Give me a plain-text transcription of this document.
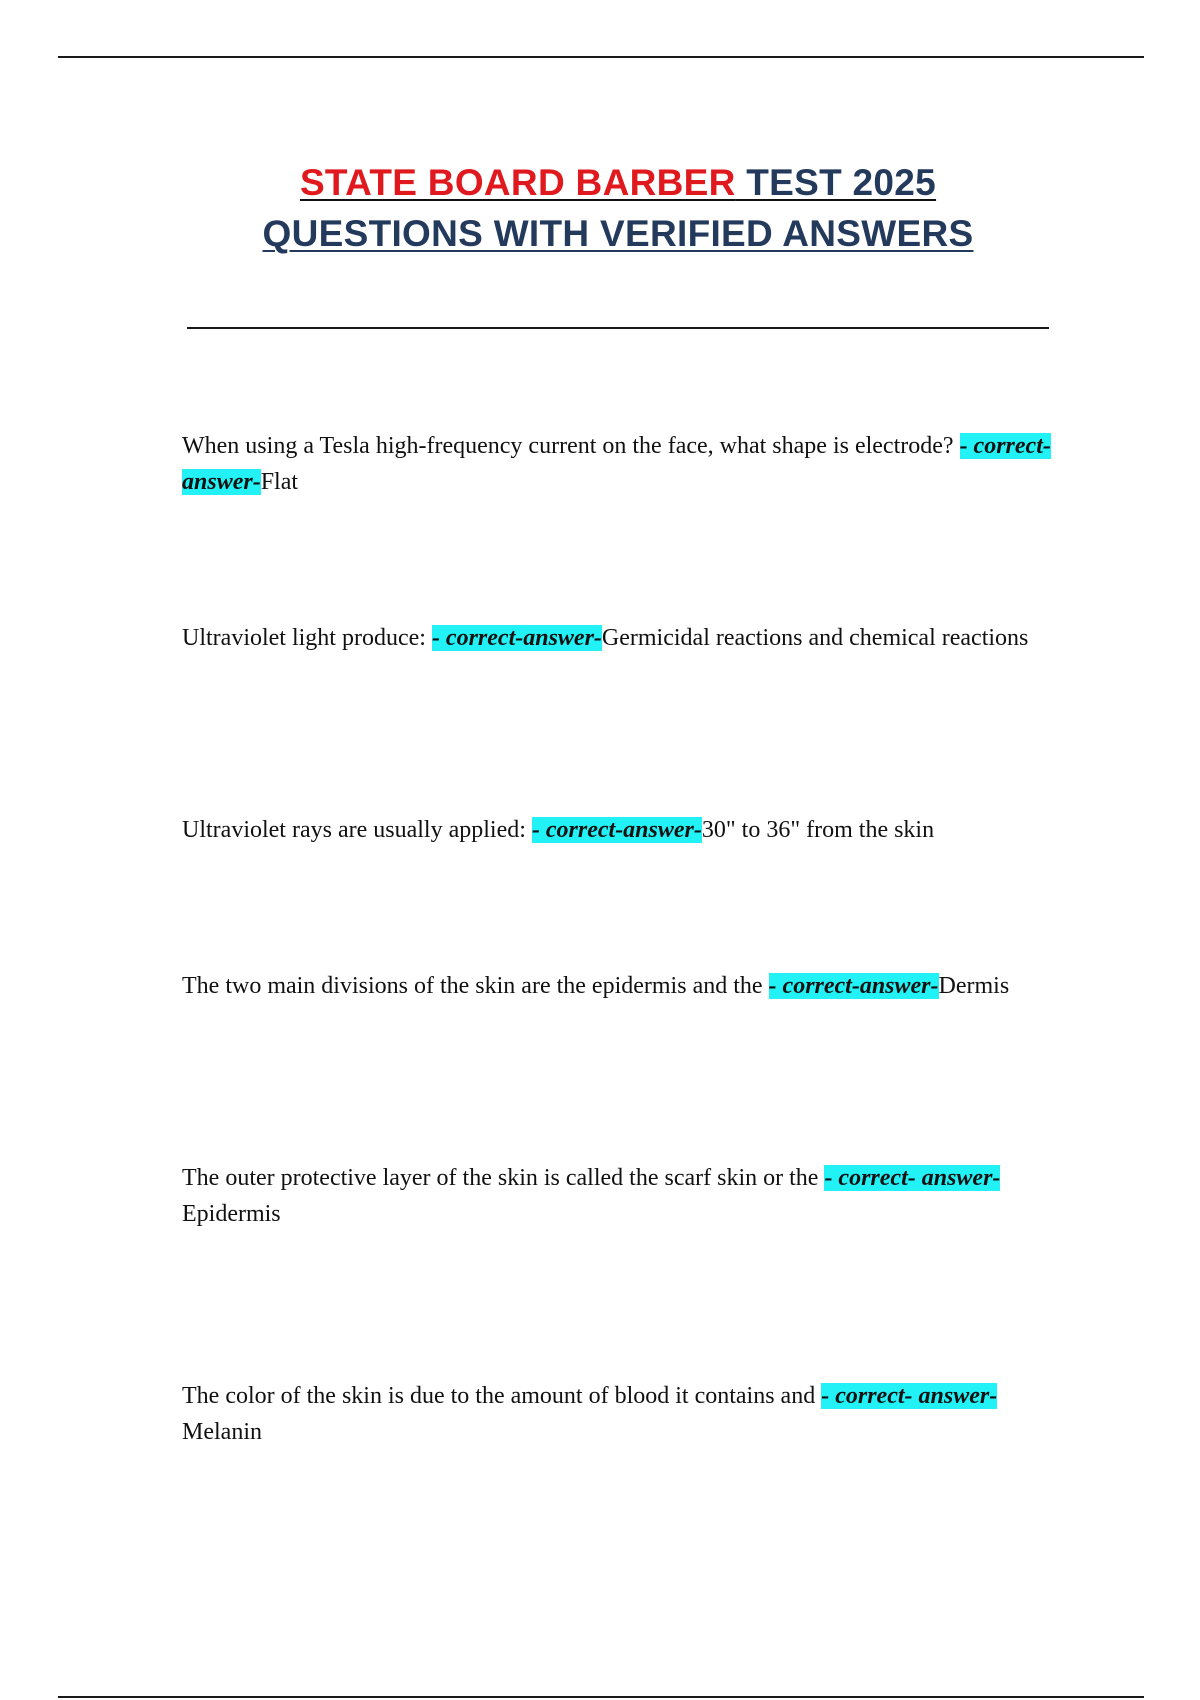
STATE BOARD BARBER TEST 2025
QUESTIONS WITH VERIFIED ANSWERS

When using a Tesla high-frequency current on the face, what shape is electrode? - correct-answer-Flat

Ultraviolet light produce: - correct-answer-Germicidal reactions and chemical reactions

Ultraviolet rays are usually applied: - correct-answer-30" to 36" from the skin

The two main divisions of the skin are the epidermis and the - correct-answer-Dermis

The outer protective layer of the skin is called the scarf skin or the - correct- answer-Epidermis

The color of the skin is due to the amount of blood it contains and - correct- answer-Melanin
